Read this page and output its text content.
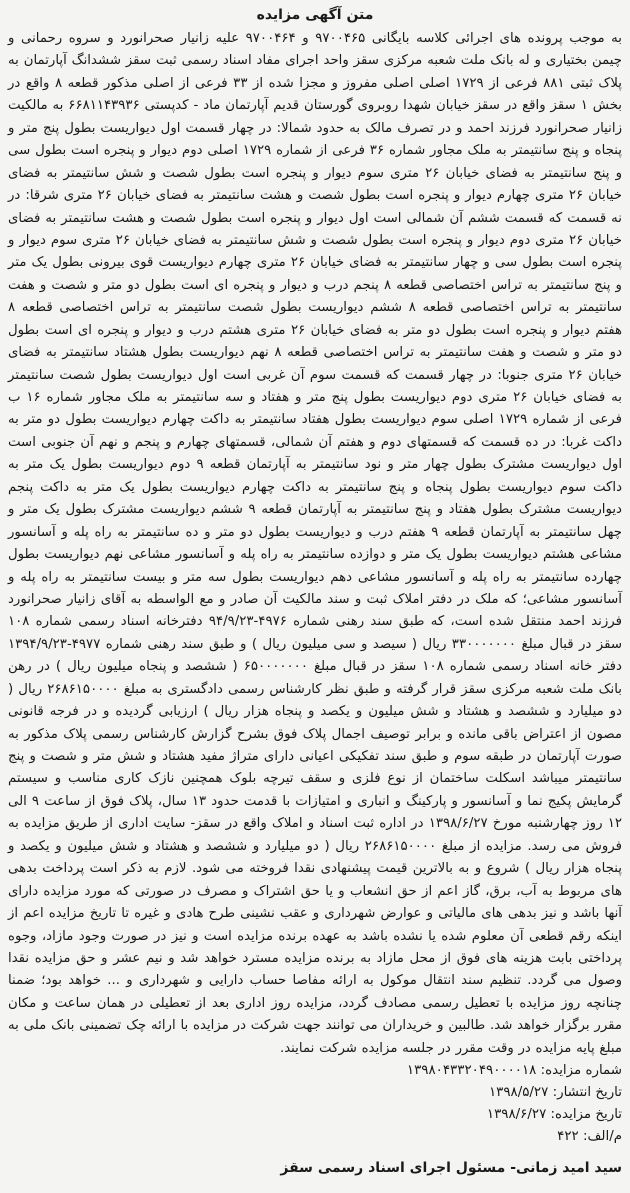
متن آگهی مزایده

به موجب پرونده های اجرائی کلاسه بایگانی ۹۷۰۰۴۶۵ و ۹۷۰۰۴۶۴ علیه زانیار صحرانورد و سروه رحمانی و چیمن بختیاری و له بانک ملت شعبه مرکزی سقز واحد اجرای مفاد اسناد رسمی ثبت سقز ششدانگ آپارتمان به پلاک ثبتی ۸۸۱ فرعی از ۱۷۲۹ اصلی اصلی مفروز و مجزا شده از ۳۳ فرعی از اصلی مذکور قطعه ۸ واقع در بخش ۱ سقز واقع در سقز خیابان شهدا روبروی گورستان قدیم آپارتمان ماد - کدپستی ۶۶۸۱۱۴۳۹۳۶ به مالکیت زانیار صحرانورد فرزند احمد و در تصرف مالک به حدود شمالا: در چهار قسمت اول دیواریست بطول پنج متر و پنجاه و پنج سانتیمتر به ملک مجاور شماره ۳۶ فرعی از شماره ۱۷۲۹ اصلی دوم دیوار و پنجره است بطول سی و پنج سانتیمتر به فضای خیابان ۲۶ متری سوم دیوار و پنجره است بطول شصت و شش سانتیمتر به فضای خیابان ۲۶ متری چهارم دیوار و پنجره است بطول شصت و هشت سانتیمتر به فضای خیابان ۲۶ متری شرقا: در نه قسمت که قسمت ششم آن شمالی است اول دیوار و پنجره است بطول شصت و هشت سانتیمتر به فضای خیابان ۲۶ متری دوم دیوار و پنجره است بطول شصت و شش سانتیمتر به فضای خیابان ۲۶ متری سوم دیوار و پنجره است بطول سی و چهار سانتیمتر به فضای خیابان ۲۶ متری چهارم دیواریست قوی بیرونی بطول یک متر و پنج سانتیمتر به تراس اختصاصی قطعه ۸ پنجم درب و دیوار و پنجره ای است بطول دو متر و شصت و هفت سانتیمتر به تراس اختصاصی قطعه ۸ ششم دیواریست بطول شصت سانتیمتر به تراس اختصاصی قطعه ۸ هفتم دیوار و پنجره است بطول دو متر به فضای خیابان ۲۶ متری هشتم درب و دیوار و پنجره ای است بطول دو متر و شصت و هفت سانتیمتر به تراس اختصاصی قطعه ۸ نهم دیواریست بطول هشتاد سانتیمتر به فضای خیابان ۲۶ متری جنوبا: در چهار قسمت که قسمت سوم آن غربی است اول دیواریست بطول شصت سانتیمتر به فضای خیابان ۲۶ متری دوم دیواریست بطول پنج متر و هفتاد و سه سانتیمتر به ملک مجاور شماره ۱۶ ب فرعی از شماره ۱۷۲۹ اصلی سوم دیواریست بطول هفتاد سانتیمتر به داکت چهارم دیواریست بطول دو متر به داکت غربا: در ده قسمت که قسمتهای دوم و هفتم آن شمالی، قسمتهای چهارم و پنجم و نهم آن جنوبی است اول دیواریست مشترک بطول چهار متر و نود سانتیمتر به آپارتمان قطعه ۹ دوم دیواریست بطول یک متر به داکت سوم دیواریست بطول پنجاه و پنج سانتیمتر به داکت چهارم دیواریست بطول یک متر به داکت پنجم دیواریست مشترک بطول هفتاد و پنج سانتیمتر به آپارتمان قطعه ۹ ششم دیواریست مشترک بطول یک متر و چهل سانتیمتر به آپارتمان قطعه ۹ هفتم درب و دیواریست بطول دو متر و ده سانتیمتر به راه پله و آسانسور مشاعی هشتم دیواریست بطول یک متر و دوازده سانتیمتر به راه پله و آسانسور مشاعی نهم دیواریست بطول چهارده سانتیمتر به راه پله و آسانسور مشاعی دهم دیواریست بطول سه متر و بیست سانتیمتر به راه پله و آسانسور مشاعی؛ که ملک در دفتر املاک ثبت و سند مالکیت آن صادر و مع الواسطه به آقای زانیار صحرانورد فرزند احمد منتقل شده است، که طبق سند رهنی شماره ۴۹۷۶-۹۴/۹/۲۳ دفترخانه اسناد رسمی شماره ۱۰۸ سقز در قبال مبلغ ۳۳۰۰۰۰۰۰۰ ریال ( سیصد و سی میلیون ریال ) و طبق سند رهنی شماره ۴۹۷۷-۱۳۹۴/۹/۲۳ دفتر خانه اسناد رسمی شماره ۱۰۸ سقز در قبال مبلغ ۶۵۰۰۰۰۰۰۰ ( ششصد و پنجاه میلیون ریال ) در رهن بانک ملت شعبه مرکزی سقز قرار گرفته و طبق نظر کارشناس رسمی دادگستری به مبلغ ۲۶۸۶۱۵۰۰۰۰ ریال ( دو میلیارد و ششصد و هشتاد و شش میلیون و یکصد و پنجاه هزار ریال ) ارزیابی گردیده و در فرجه قانونی مصون از اعتراض باقی مانده و برابر توصیف اجمال پلاک فوق بشرح گزارش کارشناس رسمی پلاک مذکور به صورت آپارتمان در طبقه سوم و طبق سند تفکیکی اعیانی دارای متراژ مفید هشتاد و شش متر و شصت و پنج سانتیمتر میباشد اسکلت ساختمان از نوع فلزی و سقف تیرچه بلوک همچنین نازک کاری مناسب و سیستم گرمایش پکیج نما و آسانسور و پارکینگ و انباری و امتیازات با قدمت حدود ۱۳ سال، پلاک فوق از ساعت ۹ الی ۱۲ روز چهارشنبه مورخ ۱۳۹۸/۶/۲۷ در اداره ثبت اسناد و املاک واقع در سقز- سایت اداری از طریق مزایده به فروش می رسد. مزایده از مبلغ ۲۶۸۶۱۵۰۰۰۰ ریال ( دو میلیارد و ششصد و هشتاد و شش میلیون و یکصد و پنجاه هزار ریال ) شروع و به بالاترین قیمت پیشنهادی نقدا فروخته می شود. لازم به ذکر است پرداخت بدهی های مربوط به آب، برق، گاز اعم از حق انشعاب و یا حق اشتراک و مصرف در صورتی که مورد مزایده دارای آنها باشد و نیز بدهی های مالیاتی و عوارض شهرداری و عقب نشینی طرح هادی و غیره تا تاریخ مزایده اعم از اینکه رقم قطعی آن معلوم شده یا نشده باشد به عهده برنده مزایده است و نیز در صورت وجود مازاد، وجوه پرداختی بابت هزینه های فوق از محل مازاد به برنده مزایده مسترد خواهد شد و نیم عشر و حق مزایده نقدا وصول می گردد. تنظیم سند انتقال موکول به ارائه مفاصا حساب دارایی و شهرداری و ... خواهد بود؛ ضمنا چنانچه روز مزایده با تعطیل رسمی مصادف گردد، مزایده روز اداری بعد از تعطیلی در همان ساعت و مکان مقرر برگزار خواهد شد. طالبین و خریداران می توانند جهت شرکت در مزایده با ارائه چک تضمینی بانک ملی به مبلغ پایه مزایده در وقت مقرر در جلسه مزایده شرکت نمایند.

شماره مزایده: ۱۳۹۸۰۴۳۳۲۰۴۹۰۰۰۰۱۸
تاریخ انتشار: ۱۳۹۸/۵/۲۷
تاریخ مزایده: ۱۳۹۸/۶/۲۷
م/الف: ۴۲۲
سید امید زمانی- مسئول اجرای اسناد رسمی سقز
